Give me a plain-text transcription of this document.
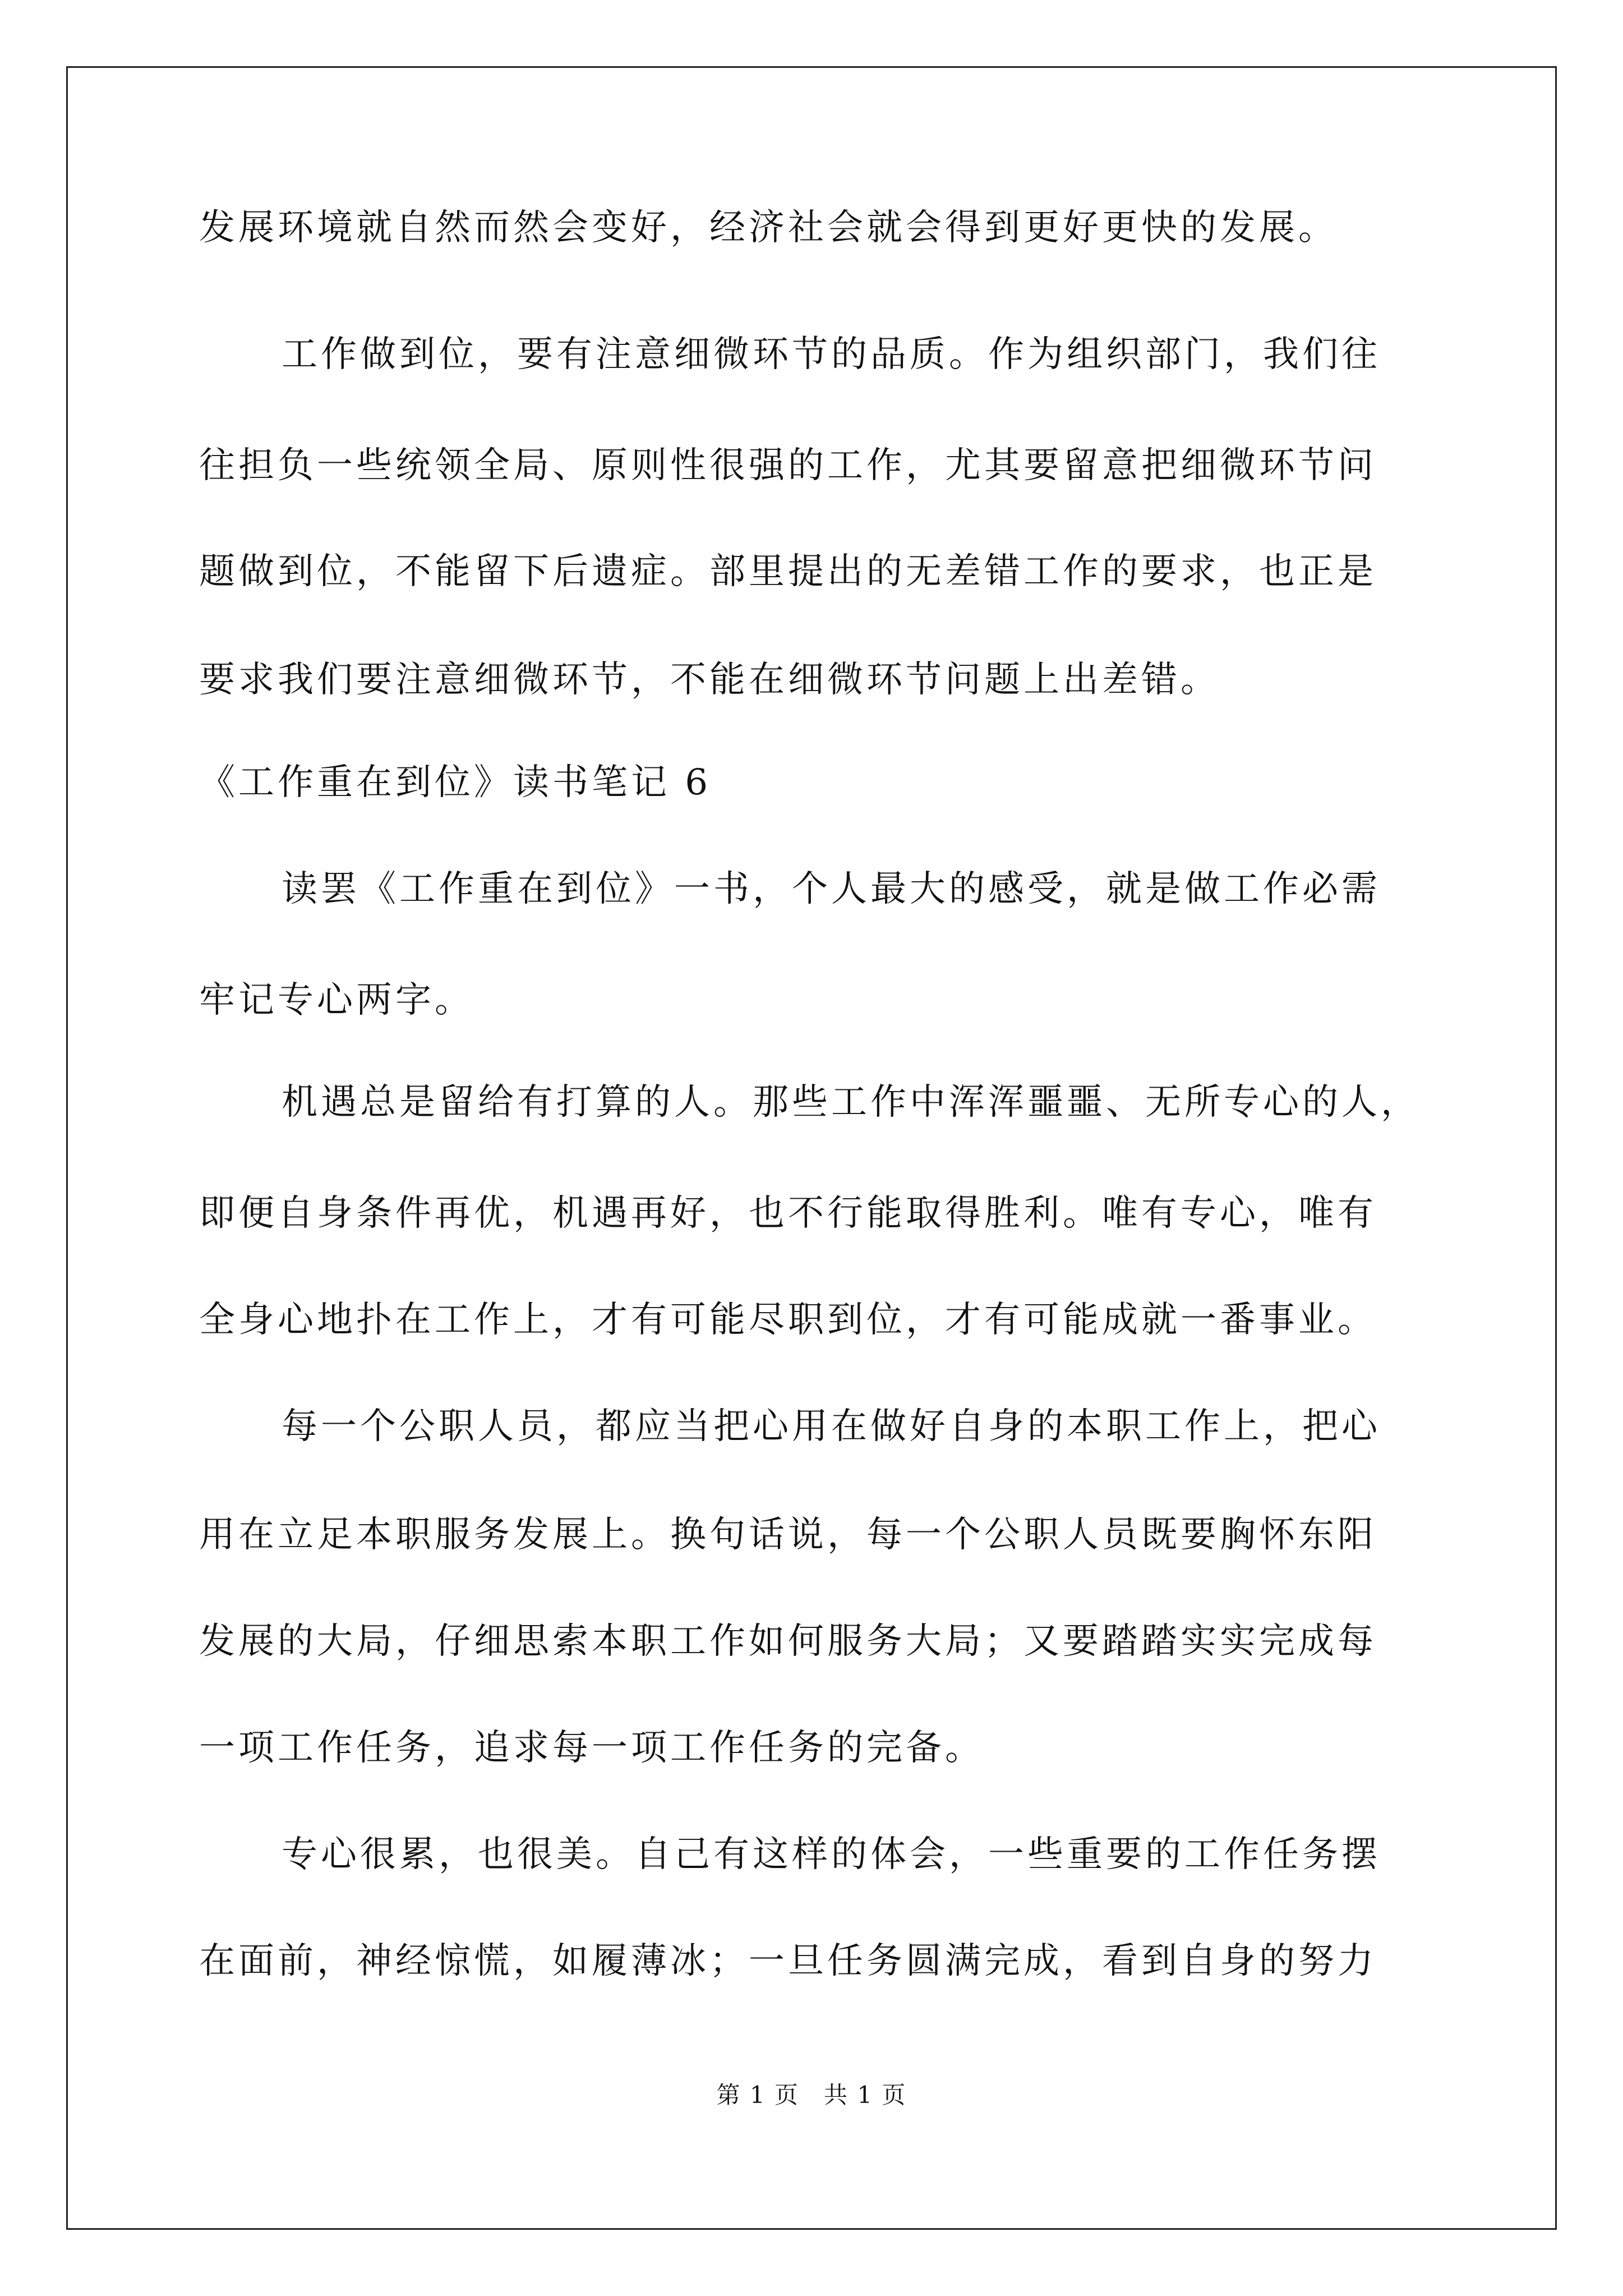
发展环境就自然而然会变好，经济社会就会得到更好更快的发展。
工作做到位，要有注意细微环节的品质。作为组织部门，我们往
往担负一些统领全局、原则性很强的工作，尤其要留意把细微环节问
题做到位，不能留下后遗症。部里提出的无差错工作的要求，也正是
要求我们要注意细微环节，不能在细微环节问题上出差错。
《工作重在到位》读书笔记 6
读罢《工作重在到位》一书，个人最大的感受，就是做工作必需
牢记专心两字。
机遇总是留给有打算的人。那些工作中浑浑噩噩、无所专心的人，
即便自身条件再优，机遇再好，也不行能取得胜利。唯有专心，唯有
全身心地扑在工作上，才有可能尽职到位，才有可能成就一番事业。
每一个公职人员，都应当把心用在做好自身的本职工作上，把心
用在立足本职服务发展上。换句话说，每一个公职人员既要胸怀东阳
发展的大局，仔细思索本职工作如何服务大局；又要踏踏实实完成每
一项工作任务，追求每一项工作任务的完备。
专心很累，也很美。自己有这样的体会，一些重要的工作任务摆
在面前，神经惊慌，如履薄冰；一旦任务圆满完成，看到自身的努力
第 1 页　共 1 页
